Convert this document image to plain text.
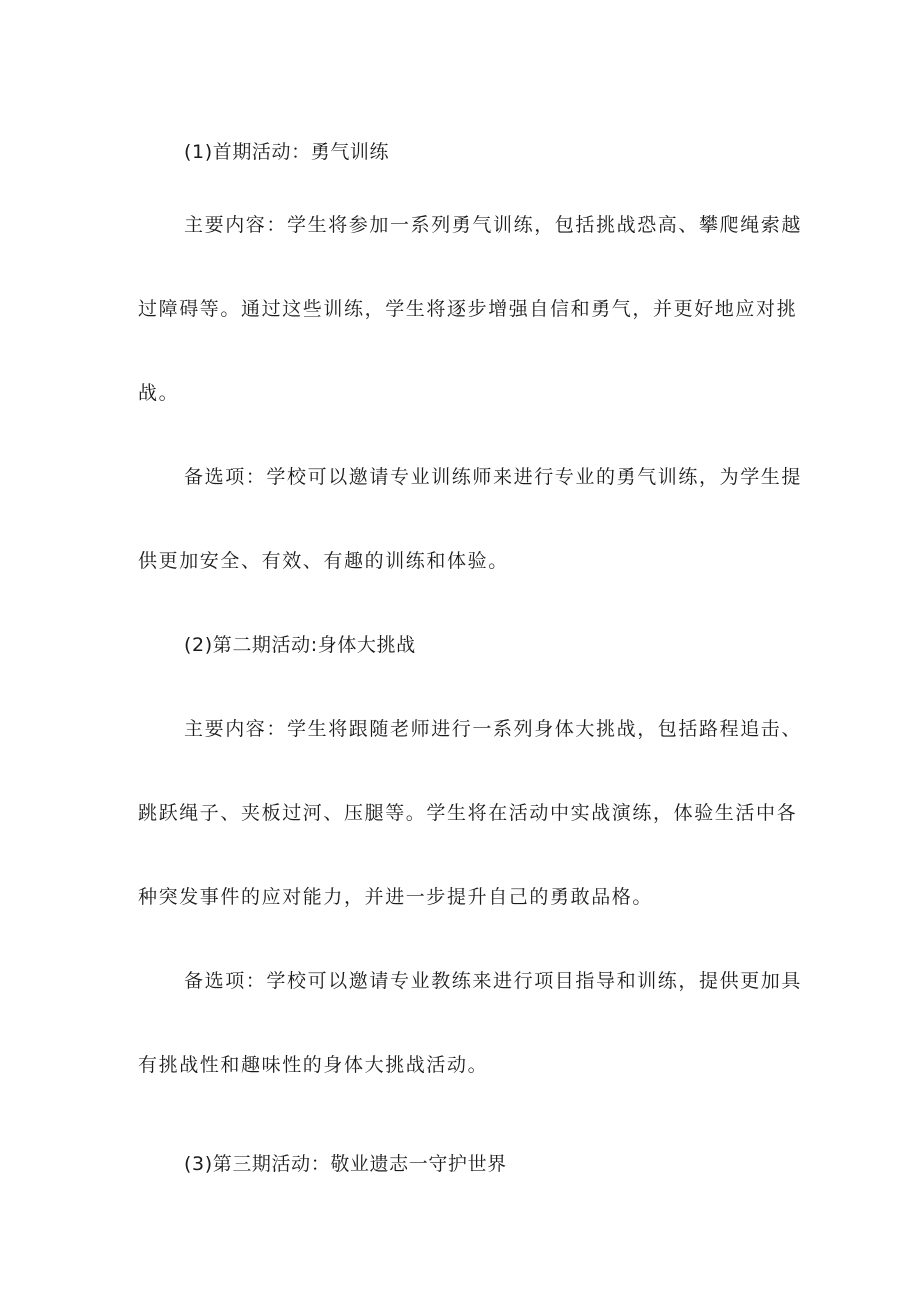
(1)首期活动：勇气训练
主要内容：学生将参加一系列勇气训练，包括挑战恐高、攀爬绳索越
过障碍等。通过这些训练，学生将逐步增强自信和勇气，并更好地应对挑
战。
备选项：学校可以邀请专业训练师来进行专业的勇气训练，为学生提
供更加安全、有效、有趣的训练和体验。
(2)第二期活动:身体大挑战
主要内容：学生将跟随老师进行一系列身体大挑战，包括路程追击、
跳跃绳子、夹板过河、压腿等。学生将在活动中实战演练，体验生活中各
种突发事件的应对能力，并进一步提升自己的勇敢品格。
备选项：学校可以邀请专业教练来进行项目指导和训练，提供更加具
有挑战性和趣味性的身体大挑战活动。
(3)第三期活动：敬业遗志一守护世界
